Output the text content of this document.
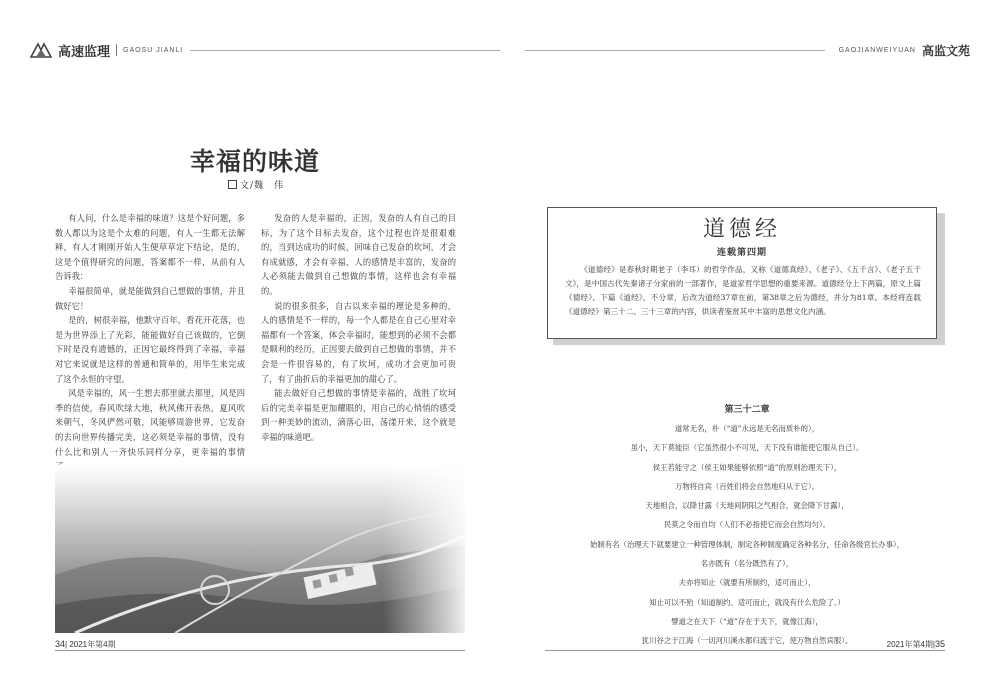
高速监理 GAOSU JIANLI	GAOJIANWEIYUAN 高监文苑
幸福的味道
文/魏　伟

有人问，什么是幸福的味道？这是个好问题，多数人都以为这是个太难的问题，有人一生都无法解释，有人才刚刚开始人生便草草定下结论，是的，这是个值得研究的问题，答案都不一样，从前有人告诉我：

幸福很简单，就是能做到自己想做的事情，并且做好它！

是的，树很幸福，他默守百年，看花开花落，也是为世界添上了光彩，能能做好自己该做的，它倒下时是没有遗憾的，正因它最终得到了幸福，幸福对它来说就是这样的普通和简单的，用毕生来完成了这个永恒的守望。

风是幸福的，风一生想去那里就去那里，风是四季的信使，春风吹绿大地，秋风佛开表热，夏风吹来朝气，冬风俨然可敬，风能够周游世界，它发奋的去向世界传播完美，这必须是幸福的事情，没有什么比和别人一齐快乐同样分享，更幸福的事情

发奋的人是幸福的，正因，发奋的人有自己的目标，为了这个目标去发奋，这个过程也许是很艰难的，当到达成功的时候，回味自己发奋的坎坷，才会有成就感，才会有幸福，人的感情是丰富的，发奋的人必须能去做到自己想做的事情，这样也会有幸福的。

说的很多很多，自古以来幸福的理论是多种的，人的感情是不一样的，每一个人都是在自己心里对幸福都有一个答案，体会幸福时，能想到的必须不会都是顺利的经历，正因要去做到自己想做的事情，并不会是一件很容易的，有了坎坷，成功才会更加可贵了，有了曲折后的幸福更加的甜心了。

能去做好自己想做的事情是幸福的，战胜了坎坷后的完美幸福是更加耀眼的，用自己的心悄悄的感受到一种美妙的流动，滴落心田，荡漾开来，这个就是幸福的味道吧。

道德经
连载第四期

《道德经》是春秋时期老子（李耳）的哲学作品，又称《道德真经》、《老子》、《五千言》、《老子五千文》，是中国古代先秦诸子分家前的一部著作，是道家哲学思想的重要来源。道德经分上下两篇，原文上篇《德经》、下篇《道经》，不分章，后改为道经37章在前，第38章之后为德经，并分为81章。本经将连载《道德经》第三十二、三十三章的内容，供读者鉴赏其中丰富的思想文化内涵。

第三十二章
道常无名，朴（“道”永远是无名而质朴的），
虽小，天下莫能臣（它虽然很小不可见，天下没有谁能使它服从自己）。
侯王若能守之（侯王如果能够依照“道”的原则治理天下），
万物将自宾（百姓们将会自然地归从于它）。
天地相合，以降甘露（天地间阴阳之气相合，就会降下甘露），
民莫之令而自均（人们不必指使它而会自然均匀）。
始制有名（治理天下就要建立一种管理体制，制定各种制度确定各种名分，任命各级官长办事），
名亦既有（名分既然有了），
夫亦将知止（就要有所制约，适可而止），
知止可以不殆（知道制约、适可而止，就没有什么危险了。）
譬道之在天下（“道”存在于天下，就像江海），
犹川谷之于江海（一切河川溪水都归流于它，使万物自然宾服）。
34| 2021年第4期	2021年第4期|35
